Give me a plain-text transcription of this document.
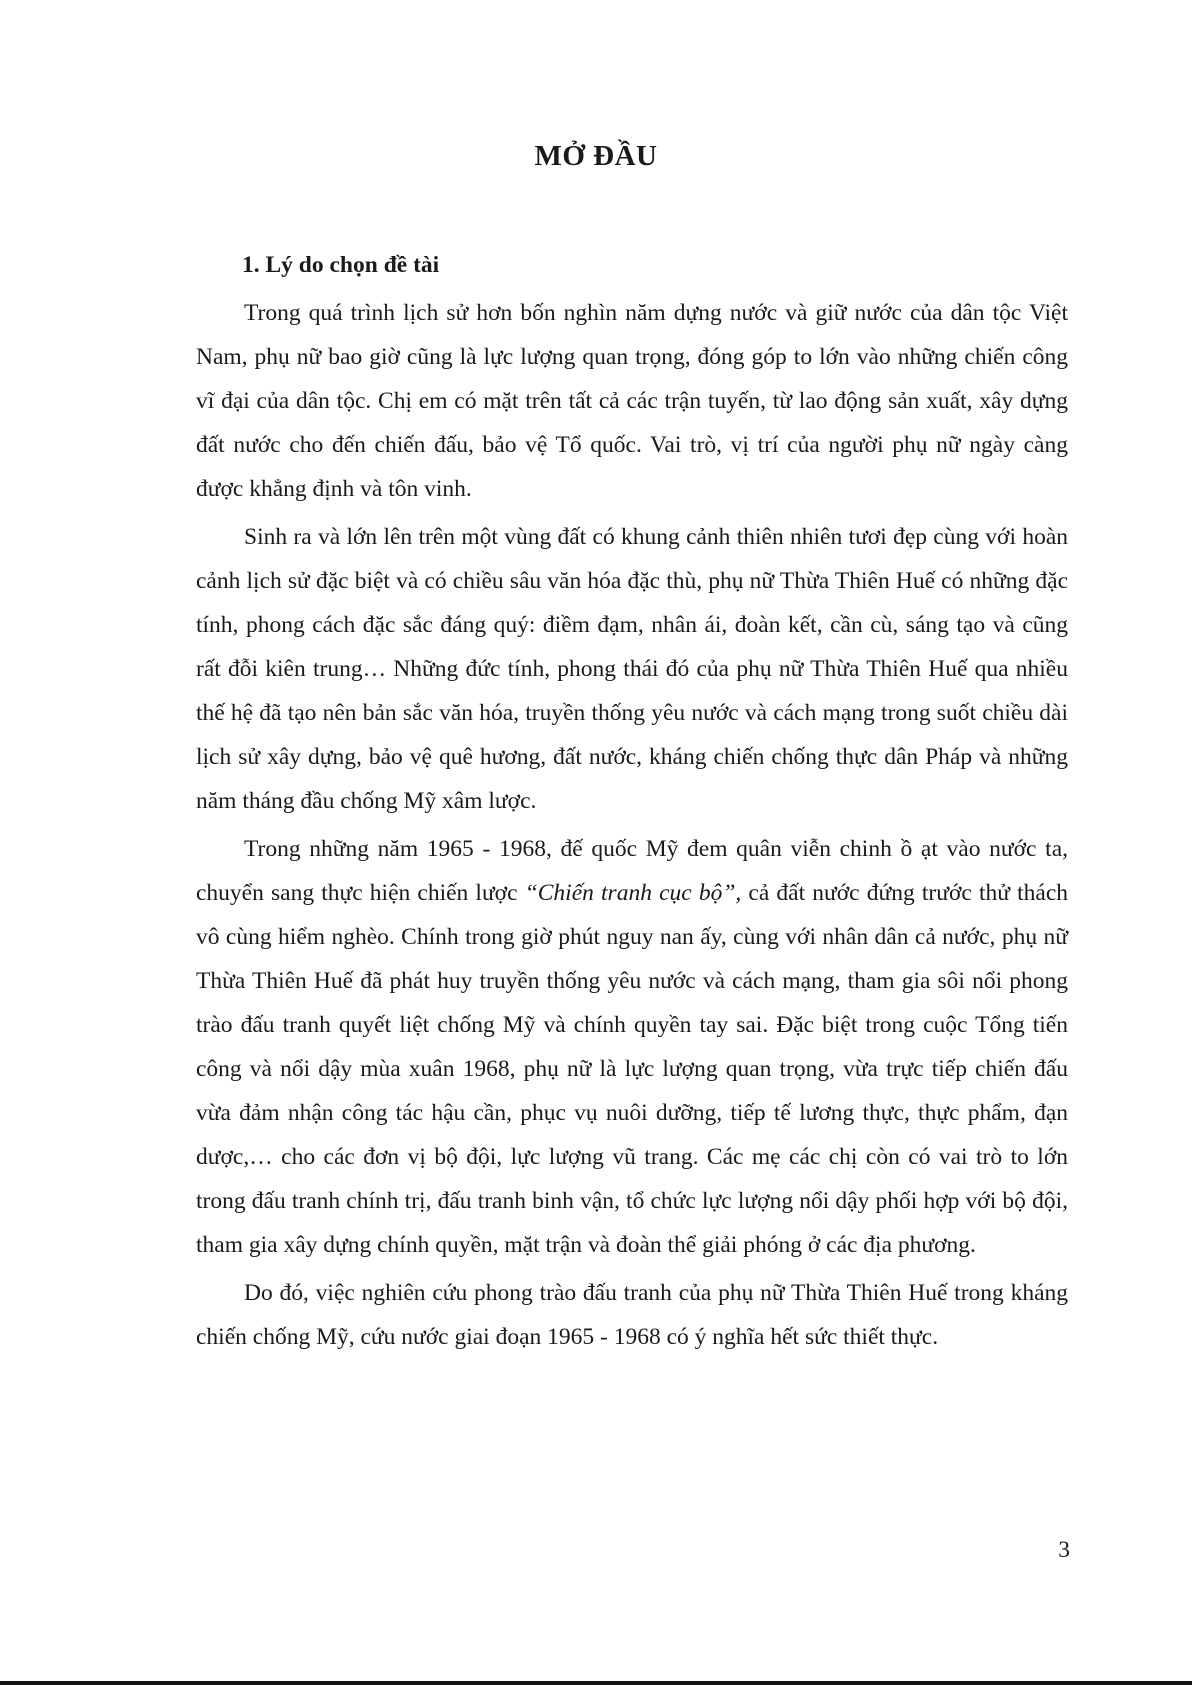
MỞ ĐẦU
1. Lý do chọn đề tài

Trong quá trình lịch sử hơn bốn nghìn năm dựng nước và giữ nước của dân tộc Việt Nam, phụ nữ bao giờ cũng là lực lượng quan trọng, đóng góp to lớn vào những chiến công vĩ đại của dân tộc. Chị em có mặt trên tất cả các trận tuyến, từ lao động sản xuất, xây dựng đất nước cho đến chiến đấu, bảo vệ Tổ quốc. Vai trò, vị trí của người phụ nữ ngày càng được khẳng định và tôn vinh.

Sinh ra và lớn lên trên một vùng đất có khung cảnh thiên nhiên tươi đẹp cùng với hoàn cảnh lịch sử đặc biệt và có chiều sâu văn hóa đặc thù, phụ nữ Thừa Thiên Huế có những đặc tính, phong cách đặc sắc đáng quý: điềm đạm, nhân ái, đoàn kết, cần cù, sáng tạo và cũng rất đỗi kiên trung… Những đức tính, phong thái đó của phụ nữ Thừa Thiên Huế qua nhiều thế hệ đã tạo nên bản sắc văn hóa, truyền thống yêu nước và cách mạng trong suốt chiều dài lịch sử xây dựng, bảo vệ quê hương, đất nước, kháng chiến chống thực dân Pháp và những năm tháng đầu chống Mỹ xâm lược.

Trong những năm 1965 - 1968, đế quốc Mỹ đem quân viễn chinh ồ ạt vào nước ta, chuyển sang thực hiện chiến lược “Chiến tranh cục bộ”, cả đất nước đứng trước thử thách vô cùng hiểm nghèo. Chính trong giờ phút nguy nan ấy, cùng với nhân dân cả nước, phụ nữ Thừa Thiên Huế đã phát huy truyền thống yêu nước và cách mạng, tham gia sôi nổi phong trào đấu tranh quyết liệt chống Mỹ và chính quyền tay sai. Đặc biệt trong cuộc Tổng tiến công và nổi dậy mùa xuân 1968, phụ nữ là lực lượng quan trọng, vừa trực tiếp chiến đấu vừa đảm nhận công tác hậu cần, phục vụ nuôi dưỡng, tiếp tế lương thực, thực phẩm, đạn dược,… cho các đơn vị bộ đội, lực lượng vũ trang. Các mẹ các chị còn có vai trò to lớn trong đấu tranh chính trị, đấu tranh binh vận, tổ chức lực lượng nổi dậy phối hợp với bộ đội, tham gia xây dựng chính quyền, mặt trận và đoàn thể giải phóng ở các địa phương.

Do đó, việc nghiên cứu phong trào đấu tranh của phụ nữ Thừa Thiên Huế trong kháng chiến chống Mỹ, cứu nước giai đoạn 1965 - 1968 có ý nghĩa hết sức thiết thực.

3
